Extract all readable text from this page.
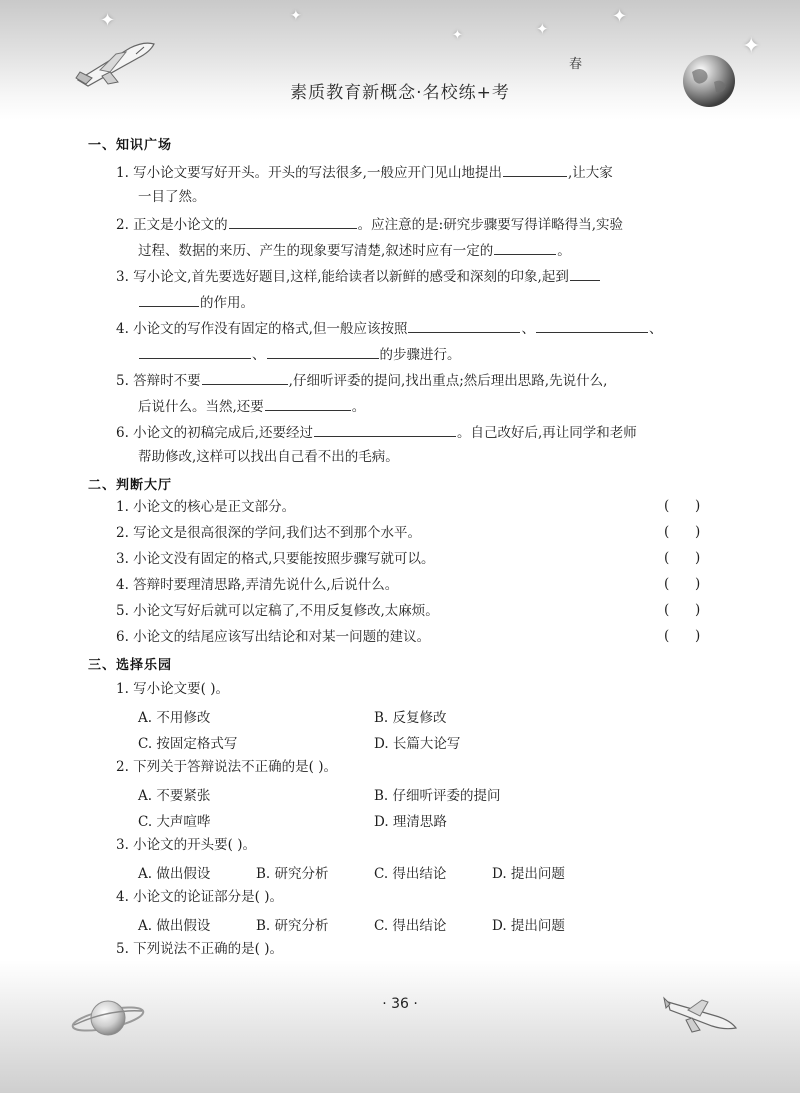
✦	✦
✦	✦
✦
✦
春
素质教育新概念·名校练+考
一、知识广场
1. 写小论文要写好开头。开头的写法很多,一般应开门见山地提出	,让大家
一目了然。
2. 正文是小论文的	。应注意的是:研究步骤要写得详略得当,实验
过程、数据的来历、产生的现象要写清楚,叙述时应有一定的	。
3. 写小论文,首先要选好题目,这样,能给读者以新鲜的感受和深刻的印象,起到
的作用。
4. 小论文的写作没有固定的格式,但一般应该按照	、	、
、	的步骤进行。
5. 答辩时不要	,仔细听评委的提问,找出重点;然后理出思路,先说什么,
后说什么。当然,还要	。
6. 小论文的初稿完成后,还要经过	。自己改好后,再让同学和老师
帮助修改,这样可以找出自己看不出的毛病。
二、判断大厅
1. 小论文的核心是正文部分。	(      )
2. 写论文是很高很深的学问,我们达不到那个水平。	(      )
3. 小论文没有固定的格式,只要能按照步骤写就可以。	(      )
4. 答辩时要理清思路,弄清先说什么,后说什么。	(      )
5. 小论文写好后就可以定稿了,不用反复修改,太麻烦。	(      )
6. 小论文的结尾应该写出结论和对某一问题的建议。	(      )
三、选择乐园
1. 写小论文要( )。
A. 不用修改	B. 反复修改
C. 按固定格式写	D. 长篇大论写
2. 下列关于答辩说法不正确的是( )。
A. 不要紧张	B. 仔细听评委的提问
C. 大声喧哗	D. 理清思路
3. 小论文的开头要( )。
A. 做出假设	B. 研究分析	C. 得出结论	D. 提出问题
4. 小论文的论证部分是( )。
A. 做出假设	B. 研究分析	C. 得出结论	D. 提出问题
5. 下列说法不正确的是( )。
· 36 ·
